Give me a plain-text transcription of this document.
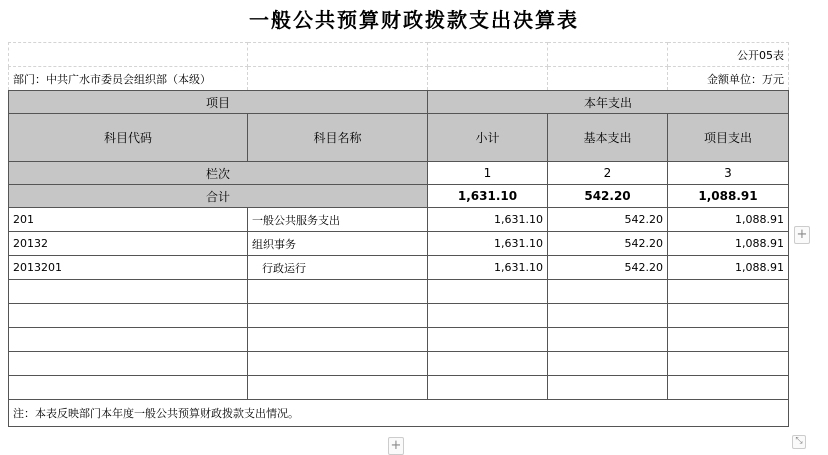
一般公共预算财政拨款支出决算表
				公开05表
部门：中共广水市委员会组织部（本级）				金额单位：万元
项目		本年支出		
科目代码	科目名称	小计	基本支出	项目支出
栏次		1	2	3
合计		1,631.10	542.20	1,088.91
201	一般公共服务支出	1,631.10	542.20	1,088.91
20132	组织事务	1,631.10	542.20	1,088.91
2013201	行政运行	1,631.10	542.20	1,088.91

注：本表反映部门本年度一般公共预算财政拨款支出情况。				
+
+	⤡
